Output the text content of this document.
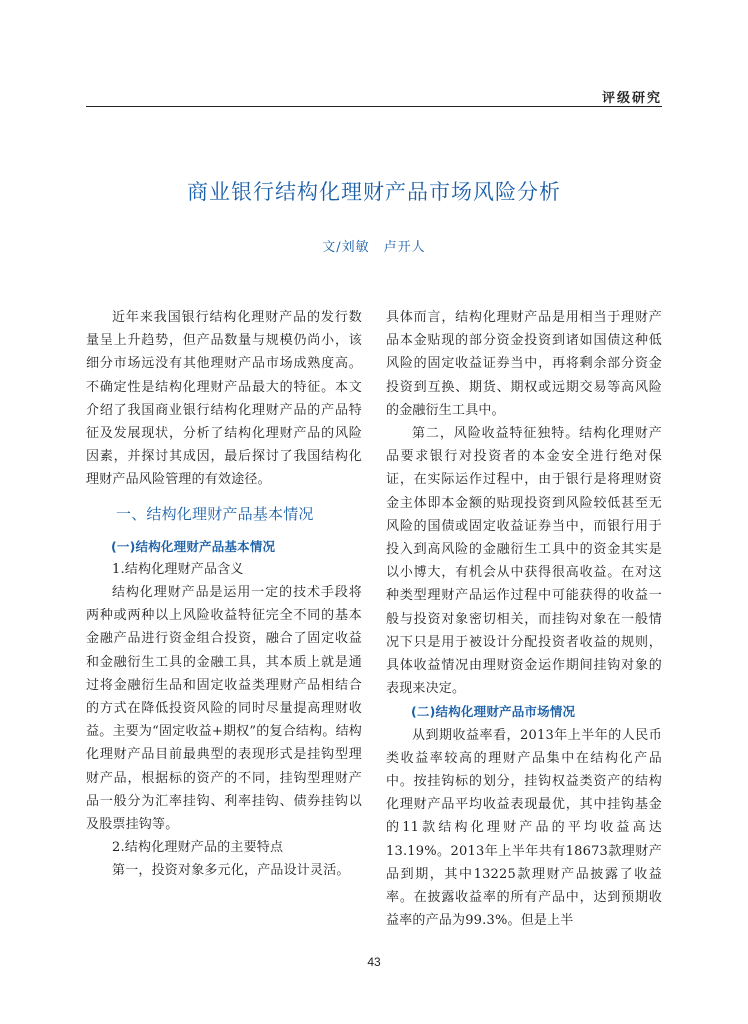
评级研究
商业银行结构化理财产品市场风险分析
文/刘敏　卢开人

近年来我国银行结构化理财产品的发行数量呈上升趋势，但产品数量与规模仍尚小，该细分市场远没有其他理财产品市场成熟度高。不确定性是结构化理财产品最大的特征。本文介绍了我国商业银行结构化理财产品的产品特征及发展现状，分析了结构化理财产品的风险因素，并探讨其成因，最后探讨了我国结构化理财产品风险管理的有效途径。

一、结构化理财产品基本情况

(一)结构化理财产品基本情况

1.结构化理财产品含义

结构化理财产品是运用一定的技术手段将两种或两种以上风险收益特征完全不同的基本金融产品进行资金组合投资，融合了固定收益和金融衍生工具的金融工具，其本质上就是通过将金融衍生品和固定收益类理财产品相结合的方式在降低投资风险的同时尽量提高理财收益。主要为“固定收益+期权”的复合结构。结构化理财产品目前最典型的表现形式是挂钩型理财产品，根据标的资产的不同，挂钩型理财产品一般分为汇率挂钩、利率挂钩、债券挂钩以及股票挂钩等。

2.结构化理财产品的主要特点

第一，投资对象多元化，产品设计灵活。

具体而言，结构化理财产品是用相当于理财产品本金贴现的部分资金投资到诸如国债这种低风险的固定收益证券当中，再将剩余部分资金投资到互换、期货、期权或远期交易等高风险的金融衍生工具中。

第二，风险收益特征独特。结构化理财产品要求银行对投资者的本金安全进行绝对保证，在实际运作过程中，由于银行是将理财资金主体即本金额的贴现投资到风险较低甚至无风险的国债或固定收益证券当中，而银行用于投入到高风险的金融衍生工具中的资金其实是以小博大，有机会从中获得很高收益。在对这种类型理财产品运作过程中可能获得的收益一般与投资对象密切相关，而挂钩对象在一般情况下只是用于被设计分配投资者收益的规则，具体收益情况由理财资金运作期间挂钩对象的表现来决定。

(二)结构化理财产品市场情况

从到期收益率看，2013年上半年的人民币类收益率较高的理财产品集中在结构化产品中。按挂钩标的划分，挂钩权益类资产的结构化理财产品平均收益表现最优，其中挂钩基金的11款结构化理财产品的平均收益高达13.19%。2013年上半年共有18673款理财产品到期，其中13225款理财产品披露了收益率。在披露收益率的所有产品中，达到预期收益率的产品为99.3%。但是上半

43
